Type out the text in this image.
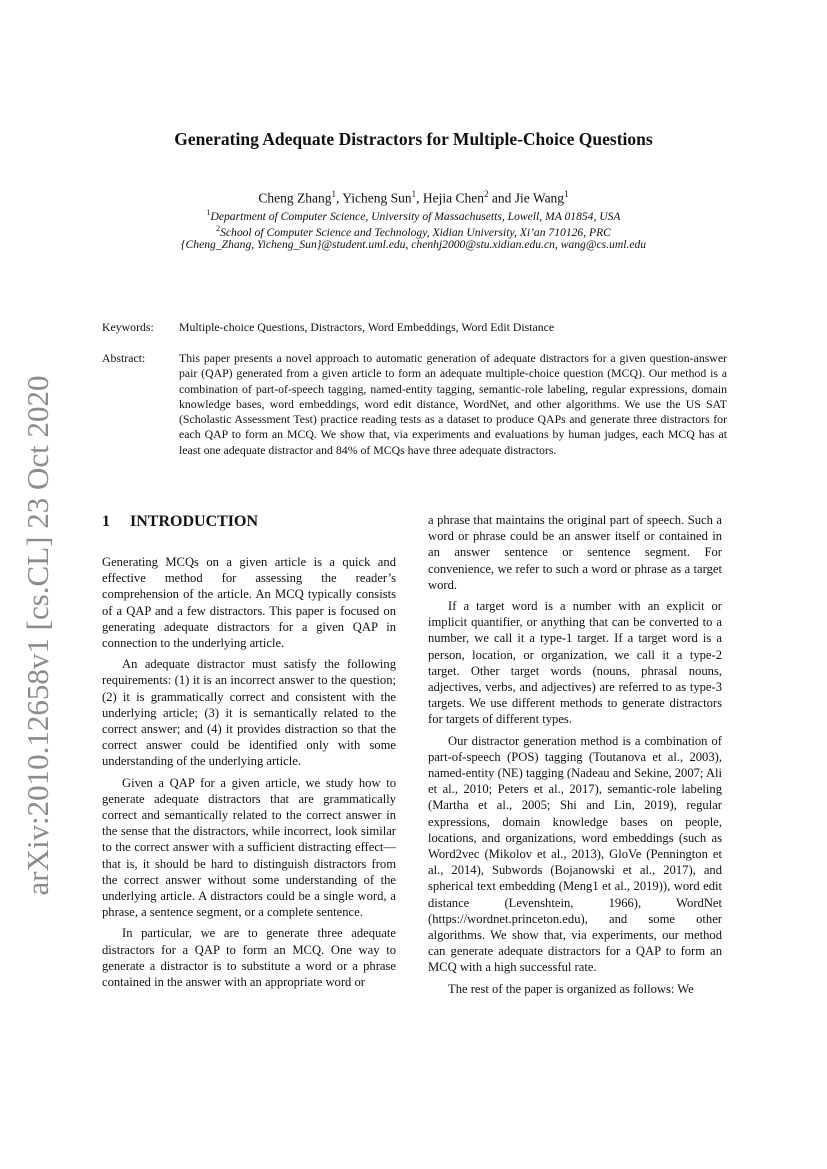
arXiv:2010.12658v1 [cs.CL] 23 Oct 2020
Generating Adequate Distractors for Multiple-Choice Questions
Cheng Zhang$^1$, Yicheng Sun$^1$, Hejia Chen$^2$ and Jie Wang$^1$
$^1$Department of Computer Science, University of Massachusetts, Lowell, MA 01854, USA
$^2$School of Computer Science and Technology, Xidian University, Xi’an 710126, PRC
{Cheng_Zhang, Yicheng_Sun}@student.uml.edu, chenhj2000@stu.xidian.edu.cn, wang@cs.uml.edu
Keywords: Multiple-choice Questions, Distractors, Word Embeddings, Word Edit Distance
Abstract:	This paper presents a novel approach to automatic generation of adequate distractors for a given question-answer pair (QAP) generated from a given article to form an adequate multiple-choice question (MCQ). Our method is a combination of part-of-speech tagging, named-entity tagging, semantic-role labeling, regular expressions, domain knowledge bases, word embeddings, word edit distance, WordNet, and other algorithms. We use the US SAT (Scholastic Assessment Test) practice reading tests as a dataset to produce QAPs and generate three distractors for each QAP to form an MCQ. We show that, via experiments and evaluations by human judges, each MCQ has at least one adequate distractor and 84% of MCQs have three adequate distractors.
1 INTRODUCTION

Generating MCQs on a given article is a quick and effective method for assessing the reader’s comprehension of the article. An MCQ typically consists of a QAP and a few distractors. This paper is focused on generating adequate distractors for a given QAP in connection to the underlying article.

An adequate distractor must satisfy the following requirements: (1) it is an incorrect answer to the question; (2) it is grammatically correct and consistent with the underlying article; (3) it is semantically related to the correct answer; and (4) it provides distraction so that the correct answer could be identified only with some understanding of the underlying article.

Given a QAP for a given article, we study how to generate adequate distractors that are grammatically correct and semantically related to the correct answer in the sense that the distractors, while incorrect, look similar to the correct answer with a sufficient distracting effect—that is, it should be hard to distinguish distractors from the correct answer without some understanding of the underlying article. A distractors could be a single word, a phrase, a sentence segment, or a complete sentence.

In particular, we are to generate three adequate distractors for a QAP to form an MCQ. One way to generate a distractor is to substitute a word or a phrase contained in the answer with an appropriate word or

a phrase that maintains the original part of speech. Such a word or phrase could be an answer itself or contained in an answer sentence or sentence segment. For convenience, we refer to such a word or phrase as a target word.

If a target word is a number with an explicit or implicit quantifier, or anything that can be converted to a number, we call it a type-1 target. If a target word is a person, location, or organization, we call it a type-2 target. Other target words (nouns, phrasal nouns, adjectives, verbs, and adjectives) are referred to as type-3 targets. We use different methods to generate distractors for targets of different types.

Our distractor generation method is a combination of part-of-speech (POS) tagging (Toutanova et al., 2003), named-entity (NE) tagging (Nadeau and Sekine, 2007; Ali et al., 2010; Peters et al., 2017), semantic-role labeling (Martha et al., 2005; Shi and Lin, 2019), regular expressions, domain knowledge bases on people, locations, and organizations, word embeddings (such as Word2vec (Mikolov et al., 2013), GloVe (Pennington et al., 2014), Subwords (Bojanowski et al., 2017), and spherical text embedding (Meng1 et al., 2019)), word edit distance (Levenshtein, 1966), WordNet (https://wordnet.princeton.edu), and some other algorithms. We show that, via experiments, our method can generate adequate distractors for a QAP to form an MCQ with a high successful rate.

The rest of the paper is organized as follows: We
